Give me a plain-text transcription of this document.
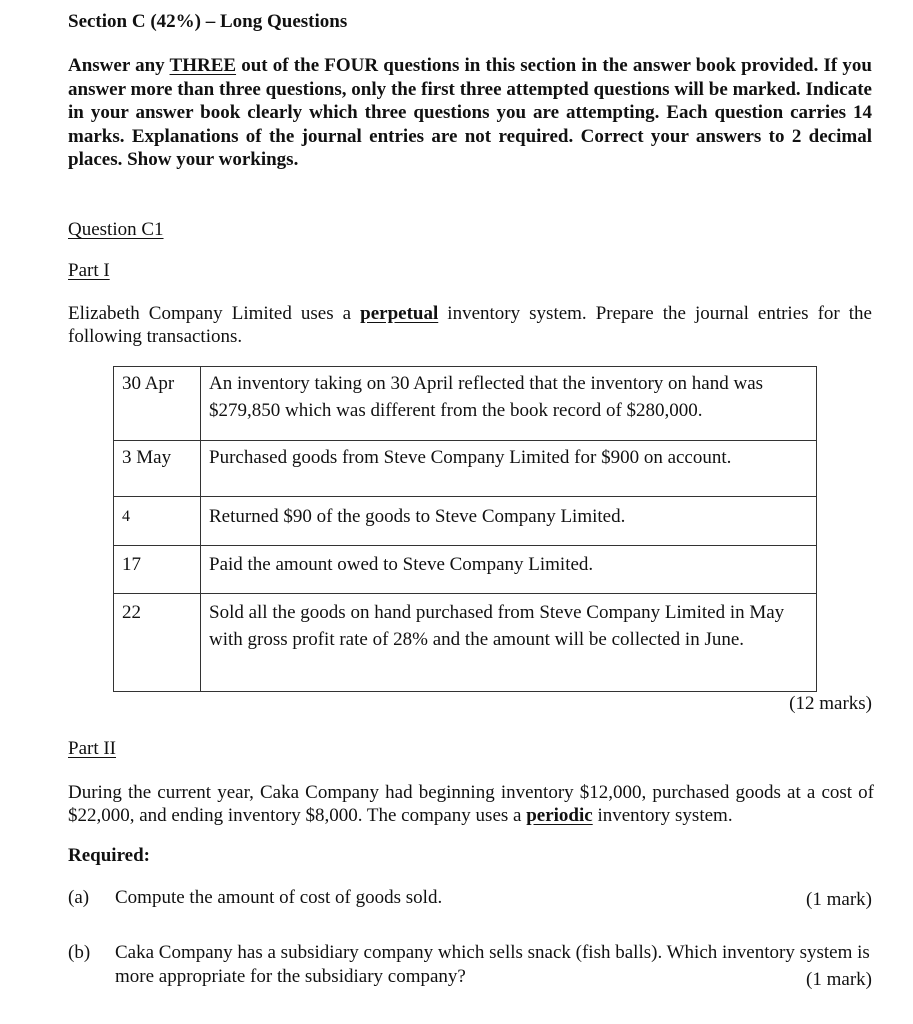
Section C (42%) – Long Questions
Answer any THREE out of the FOUR questions in this section in the answer book provided. If you answer more than three questions, only the first three attempted questions will be marked. Indicate in your answer book clearly which three questions you are attempting. Each question carries 14 marks. Explanations of the journal entries are not required. Correct your answers to 2 decimal places. Show your workings.
Question C1
Part I
Elizabeth Company Limited uses a perpetual inventory system. Prepare the journal entries for the following transactions.
30 Apr	An inventory taking on 30 April reflected that the inventory on hand was $279,850 which was different from the book record of $280,000.
3 May	Purchased goods from Steve Company Limited for $900 on account.
4	Returned $90 of the goods to Steve Company Limited.
17	Paid the amount owed to Steve Company Limited.
22	Sold all the goods on hand purchased from Steve Company Limited in May with gross profit rate of 28% and the amount will be collected in June.
(12 marks)
Part II
During the current year, Caka Company had beginning inventory $12,000, purchased goods at a cost of $22,000, and ending inventory $8,000. The company uses a periodic inventory system.
Required:
(a) Compute the amount of cost of goods sold.	(1 mark)
(b) Caka Company has a subsidiary company which sells snack (fish balls). Which inventory system is more appropriate for the subsidiary company?	(1 mark)
